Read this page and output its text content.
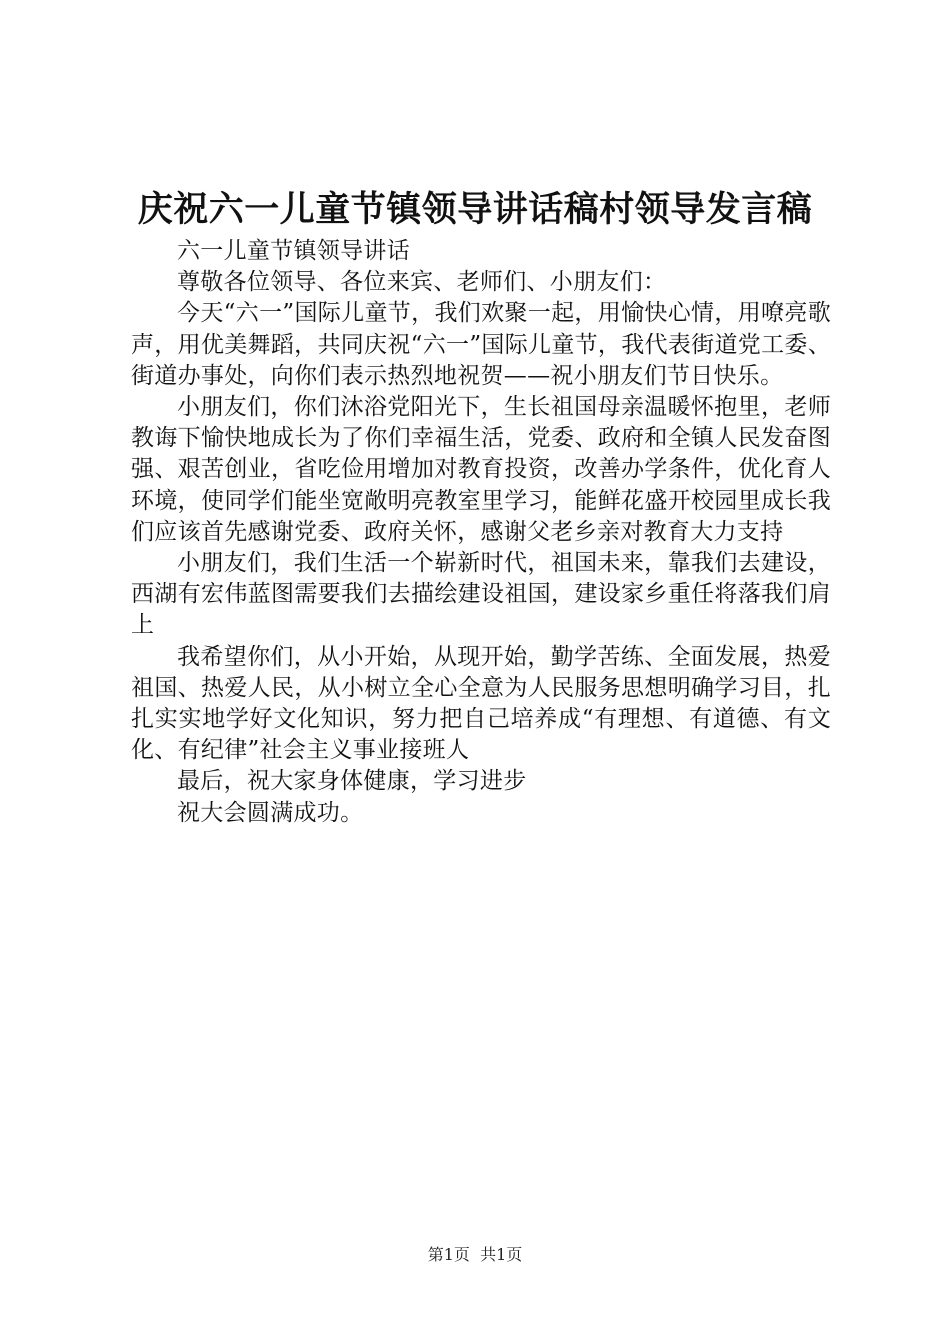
庆祝六一儿童节镇领导讲话稿村领导发言稿

六一儿童节镇领导讲话

尊敬各位领导、各位来宾、老师们、小朋友们：

今天“六一”国际儿童节，我们欢聚一起，用愉快心情，用嘹亮歌声，用优美舞蹈，共同庆祝“六一”国际儿童节，我代表街道党工委、街道办事处，向你们表示热烈地祝贺——祝小朋友们节日快乐。

小朋友们，你们沐浴党阳光下，生长祖国母亲温暖怀抱里，老师教诲下愉快地成长为了你们幸福生活，党委、政府和全镇人民发奋图强、艰苦创业，省吃俭用增加对教育投资，改善办学条件，优化育人环境，使同学们能坐宽敞明亮教室里学习，能鲜花盛开校园里成长我们应该首先感谢党委、政府关怀，感谢父老乡亲对教育大力支持

小朋友们，我们生活一个崭新时代，祖国未来，靠我们去建设，西湖有宏伟蓝图需要我们去描绘建设祖国，建设家乡重任将落我们肩上

我希望你们，从小开始，从现开始，勤学苦练、全面发展，热爱祖国、热爱人民，从小树立全心全意为人民服务思想明确学习目，扎扎实实地学好文化知识，努力把自己培养成“有理想、有道德、有文化、有纪律”社会主义事业接班人

最后，祝大家身体健康，学习进步

祝大会圆满成功。

第1页  共1页
